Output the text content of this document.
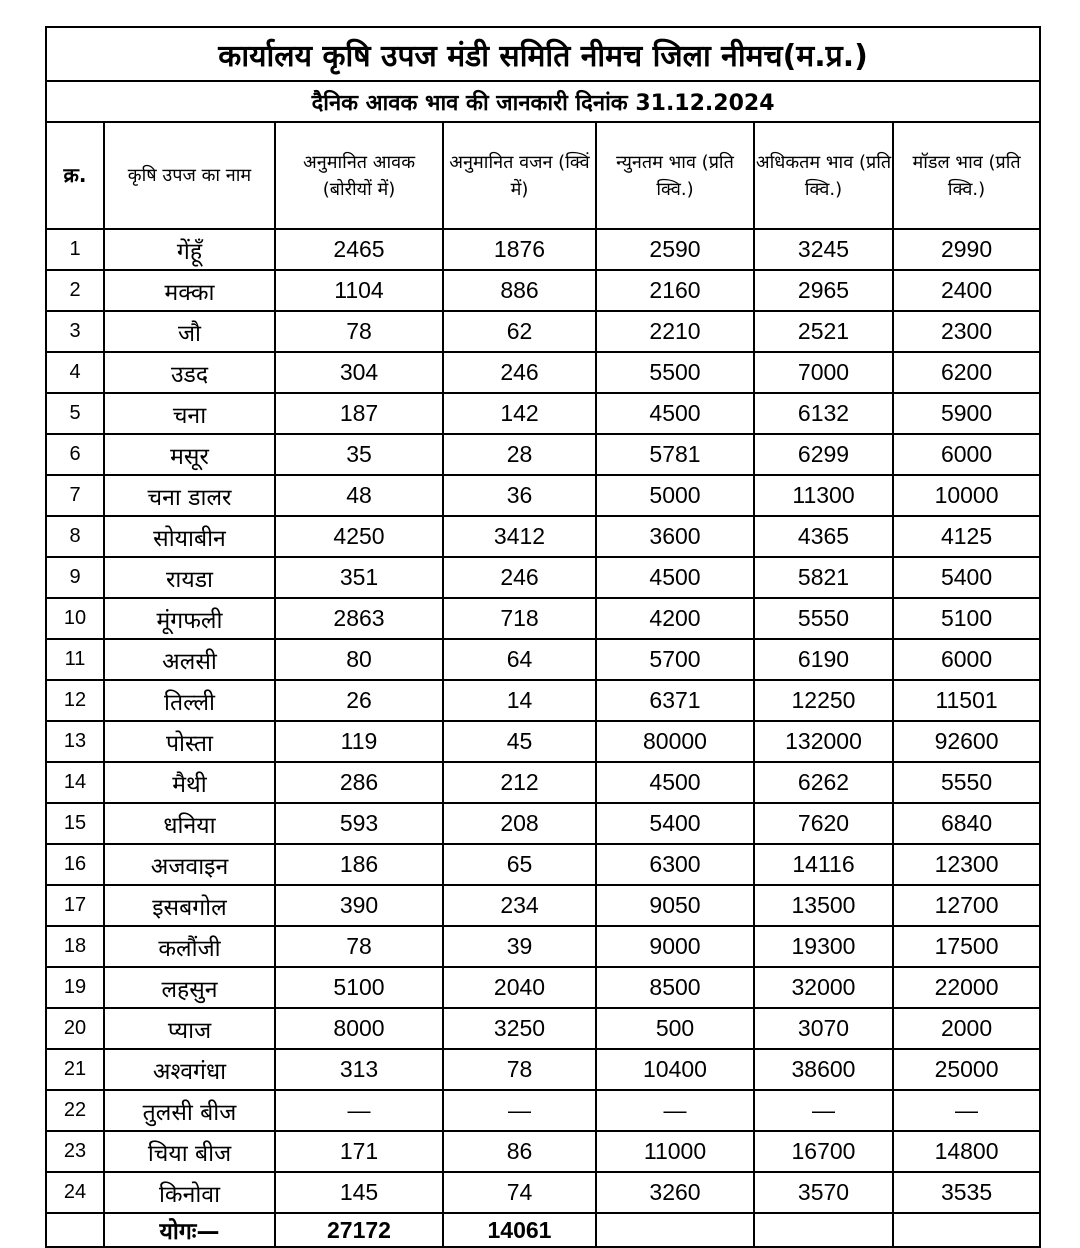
कार्यालय कृषि उपज मंडी समिति नीमच जिला नीमच(म.प्र.)						
दैनिक आवक भाव की जानकारी दिनांक 31.12.2024						
क्र.	कृषि उपज का नाम	अनुमानित आवक (बोरीयों में)	अनुमानित वजन (क्विं में)	न्युनतम भाव (प्रति क्वि.)	अधिकतम भाव (प्रति क्वि.)	मॉडल भाव (प्रति क्वि.)
1	गेंहूँ	2465	1876	2590	3245	2990
2	मक्का	1104	886	2160	2965	2400
3	जौ	78	62	2210	2521	2300
4	उडद	304	246	5500	7000	6200
5	चना	187	142	4500	6132	5900
6	मसूर	35	28	5781	6299	6000
7	चना डालर	48	36	5000	11300	10000
8	सोयाबीन	4250	3412	3600	4365	4125
9	रायडा	351	246	4500	5821	5400
10	मूंगफली	2863	718	4200	5550	5100
11	अलसी	80	64	5700	6190	6000
12	तिल्ली	26	14	6371	12250	11501
13	पोस्ता	119	45	80000	132000	92600
14	मैथी	286	212	4500	6262	5550
15	धनिया	593	208	5400	7620	6840
16	अजवाइन	186	65	6300	14116	12300
17	इसबगोल	390	234	9050	13500	12700
18	कलौंजी	78	39	9000	19300	17500
19	लहसुन	5100	2040	8500	32000	22000
20	प्याज	8000	3250	500	3070	2000
21	अश्वगंधा	313	78	10400	38600	25000
22	तुलसी बीज	—	—	—	—	—
23	चिया बीज	171	86	11000	16700	14800
24	किनोवा	145	74	3260	3570	3535
	योगः—	27172	14061			
